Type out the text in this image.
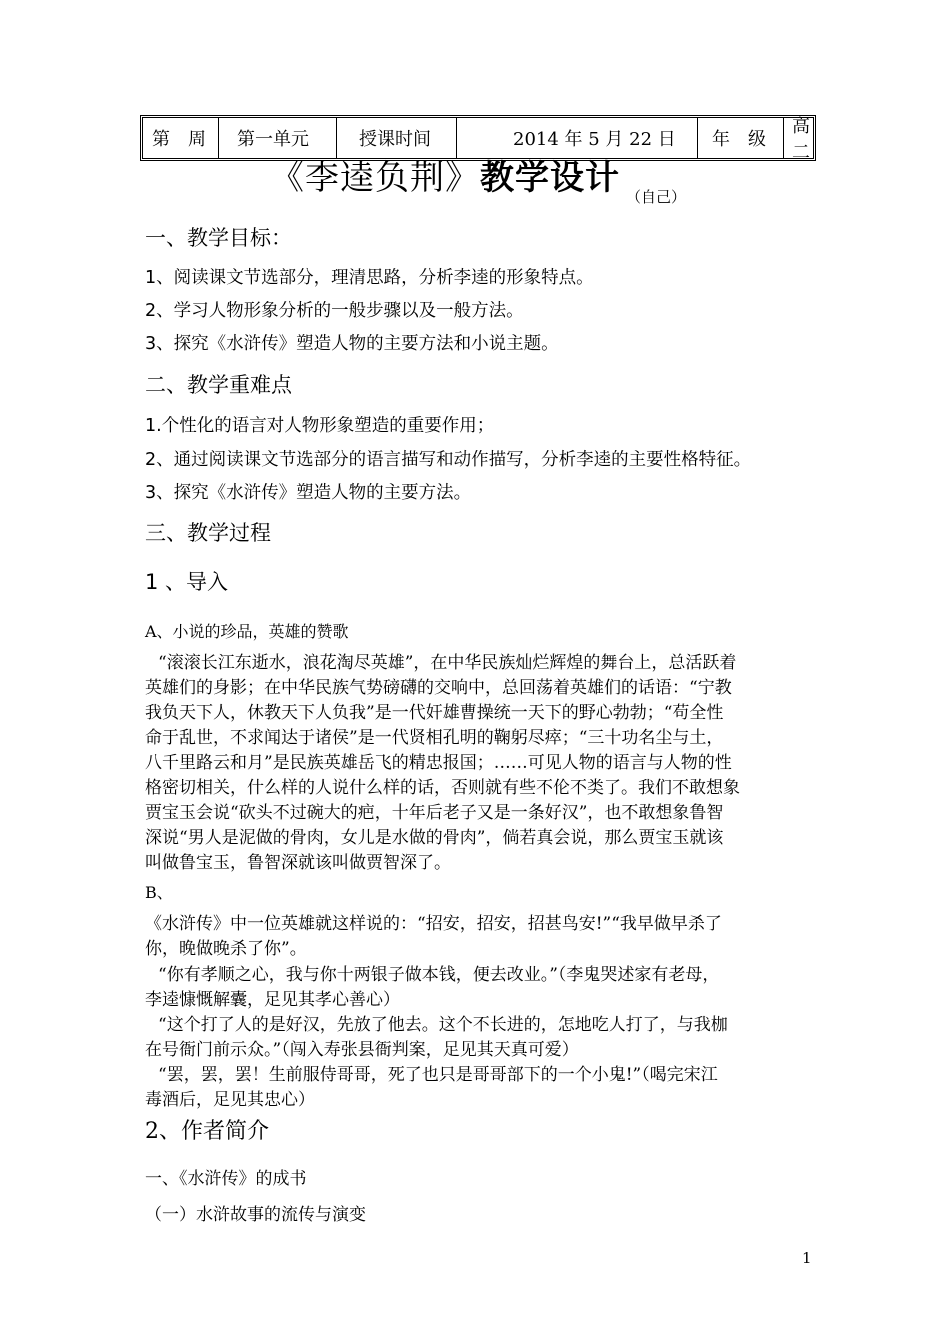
第　周 第一单元	授课时间	2014 年 5 月 22 日 年　级
高二
《李逵负荆》教学设计 （自己）
一、教学目标：
1、阅读课文节选部分，理清思路，分析李逵的形象特点。
2、学习人物形象分析的一般步骤以及一般方法。
3、探究《水浒传》塑造人物的主要方法和小说主题。
二、教学重难点
1.个性化的语言对人物形象塑造的重要作用；
2、通过阅读课文节选部分的语言描写和动作描写，分析李逵的主要性格特征。
3、探究《水浒传》塑造人物的主要方法。
三、教学过程
1 、导入
A、小说的珍品，英雄的赞歌
“滚滚长江东逝水，浪花淘尽英雄”，在中华民族灿烂辉煌的舞台上，总活跃着
英雄们的身影；在中华民族气势磅礴的交响中，总回荡着英雄们的话语：“宁教
我负天下人，休教天下人负我”是一代奸雄曹操统一天下的野心勃勃；“苟全性
命于乱世，不求闻达于诸侯”是一代贤相孔明的鞠躬尽瘁；“三十功名尘与土，
八千里路云和月”是民族英雄岳飞的精忠报国；……可见人物的语言与人物的性
格密切相关，什么样的人说什么样的话，否则就有些不伦不类了。我们不敢想象
贾宝玉会说“砍头不过碗大的疤，十年后老子又是一条好汉”，也不敢想象鲁智
深说“男人是泥做的骨肉，女儿是水做的骨肉”，倘若真会说，那么贾宝玉就该
叫做鲁宝玉，鲁智深就该叫做贾智深了。
B、
《水浒传》中一位英雄就这样说的：“招安，招安，招甚鸟安!”“我早做早杀了
你，晚做晚杀了你”。
“你有孝顺之心，我与你十两银子做本钱，便去改业。”（李鬼哭述家有老母，
李逵慷慨解囊，足见其孝心善心）
“这个打了人的是好汉，先放了他去。这个不长进的，怎地吃人打了，与我枷
在号衙门前示众。”（闯入寿张县衙判案，足见其天真可爱）
“罢，罢，罢！生前服侍哥哥，死了也只是哥哥部下的一个小鬼!”（喝完宋江
毒酒后，足见其忠心）
2、作者简介
一、《水浒传》的成书
（一）水浒故事的流传与演变
1
